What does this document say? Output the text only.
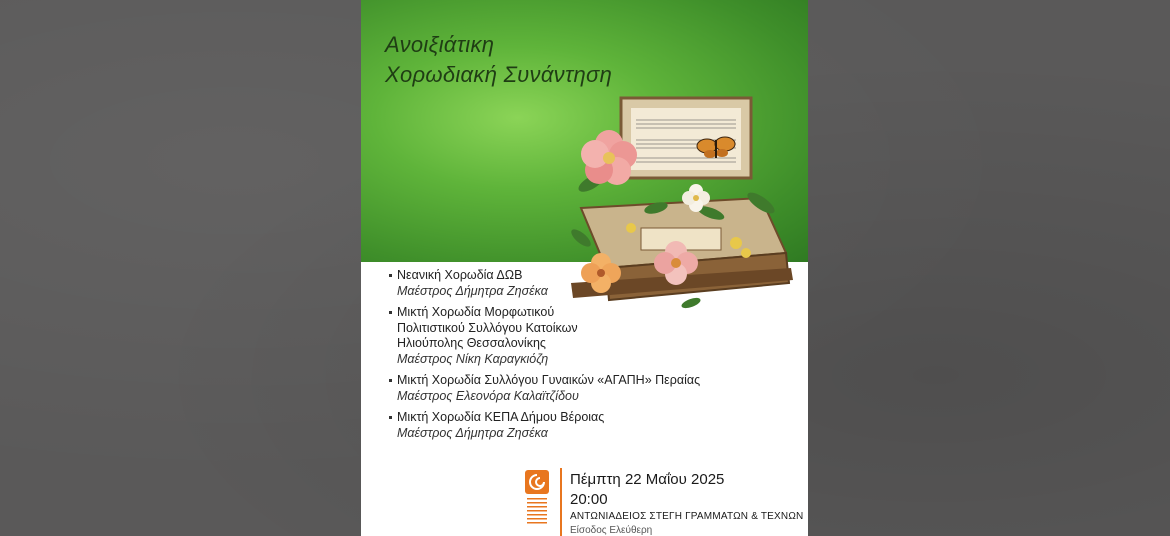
Ανοιξιάτικη
Χορωδιακή Συνάντηση
Νεανική Χορωδία ΔΩΒ
Μαέστρος Δήμητρα Ζησέκα
Μικτή Χορωδία Μορφωτικού
Πολιτιστικού Συλλόγου Κατοίκων
Ηλιούπολης Θεσσαλονίκης
Μαέστρος Νίκη Καραγκιόζη
Μικτή Χορωδία Συλλόγου Γυναικών «ΑΓΑΠΗ» Περαίας
Μαέστρος Ελεονόρα Καλαϊτζίδου
Μικτή Χορωδία ΚΕΠΑ Δήμου Βέροιας
Μαέστρος Δήμητρα Ζησέκα
Πέμπτη 22 Μαΐου 2025
20:00
ΑΝΤΩΝΙΑΔΕΙΟΣ ΣΤΕΓΗ ΓΡΑΜΜΑΤΩΝ & ΤΕΧΝΩΝ
Είσοδος Ελεύθερη
